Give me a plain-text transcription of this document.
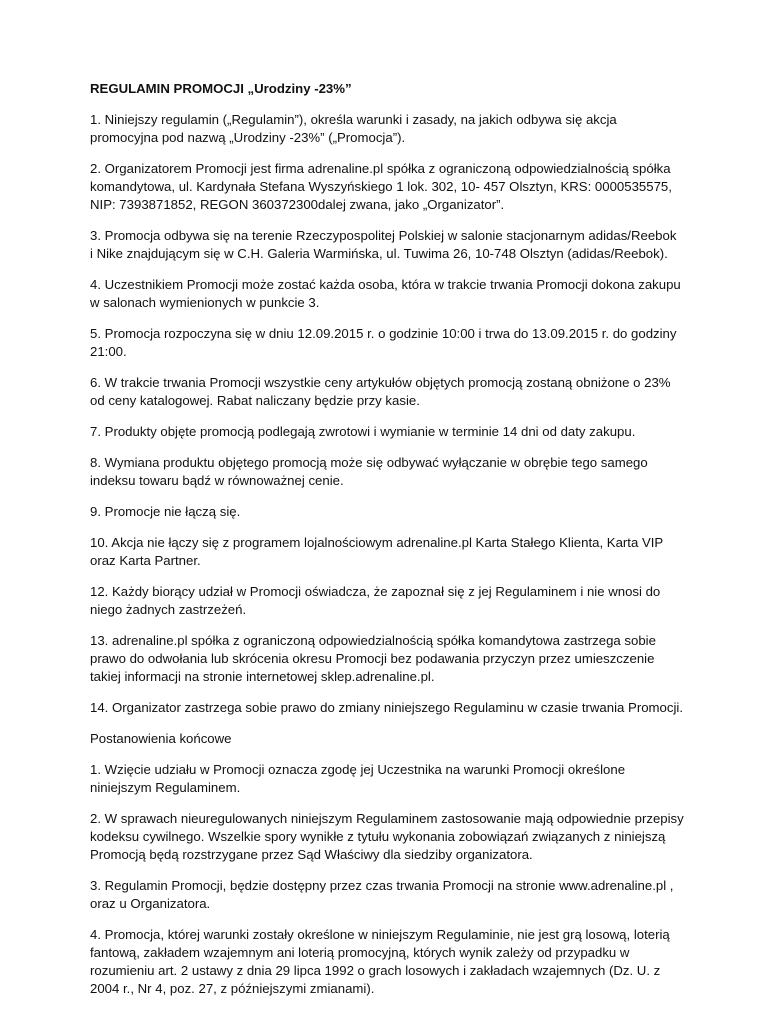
REGULAMIN PROMOCJI „Urodziny -23%”

1. Niniejszy regulamin („Regulamin”), określa warunki i zasady, na jakich odbywa się akcja
promocyjna pod nazwą „Urodziny -23%” („Promocja”).

2. Organizatorem Promocji jest firma adrenaline.pl spółka z ograniczoną odpowiedzialnością spółka
komandytowa, ul. Kardynała Stefana Wyszyńskiego 1 lok. 302, 10- 457 Olsztyn, KRS: 0000535575,
NIP: 7393871852, REGON 360372300dalej zwana, jako „Organizator”.

3. Promocja odbywa się na terenie Rzeczypospolitej Polskiej w salonie stacjonarnym adidas/Reebok
i Nike znajdującym się w C.H. Galeria Warmińska, ul. Tuwima 26, 10-748 Olsztyn (adidas/Reebok).

4. Uczestnikiem Promocji może zostać każda osoba, która w trakcie trwania Promocji dokona zakupu
w salonach wymienionych w punkcie 3.

5. Promocja rozpoczyna się w dniu 12.09.2015 r. o godzinie 10:00 i trwa do 13.09.2015 r. do godziny
21:00.

6. W trakcie trwania Promocji wszystkie ceny artykułów objętych promocją zostaną obniżone o 23%
od ceny katalogowej. Rabat naliczany będzie przy kasie.

7. Produkty objęte promocją podlegają zwrotowi i wymianie w terminie 14 dni od daty zakupu.

8. Wymiana produktu objętego promocją może się odbywać wyłączanie w obrębie tego samego
indeksu towaru bądź w równoważnej cenie.

9. Promocje nie łączą się.

10. Akcja nie łączy się z programem lojalnościowym adrenaline.pl Karta Stałego Klienta, Karta VIP
oraz Karta Partner.

12. Każdy biorący udział w Promocji oświadcza, że zapoznał się z jej Regulaminem i nie wnosi do
niego żadnych zastrzeżeń.

13. adrenaline.pl spółka z ograniczoną odpowiedzialnością spółka komandytowa zastrzega sobie
prawo do odwołania lub skrócenia okresu Promocji bez podawania przyczyn przez umieszczenie
takiej informacji na stronie internetowej sklep.adrenaline.pl.

14. Organizator zastrzega sobie prawo do zmiany niniejszego Regulaminu w czasie trwania Promocji.

Postanowienia końcowe

1. Wzięcie udziału w Promocji oznacza zgodę jej Uczestnika na warunki Promocji określone
niniejszym Regulaminem.

2. W sprawach nieuregulowanych niniejszym Regulaminem zastosowanie mają odpowiednie przepisy
kodeksu cywilnego. Wszelkie spory wynikłe z tytułu wykonania zobowiązań związanych z niniejszą
Promocją będą rozstrzygane przez Sąd Właściwy dla siedziby organizatora.

3. Regulamin Promocji, będzie dostępny przez czas trwania Promocji na stronie www.adrenaline.pl ,
oraz u Organizatora.

4. Promocja, której warunki zostały określone w niniejszym Regulaminie, nie jest grą losową, loterią
fantową, zakładem wzajemnym ani loterią promocyjną, których wynik zależy od przypadku w
rozumieniu art. 2 ustawy z dnia 29 lipca 1992 o grach losowych i zakładach wzajemnych (Dz. U. z
2004 r., Nr 4, poz. 27, z późniejszymi zmianami).
